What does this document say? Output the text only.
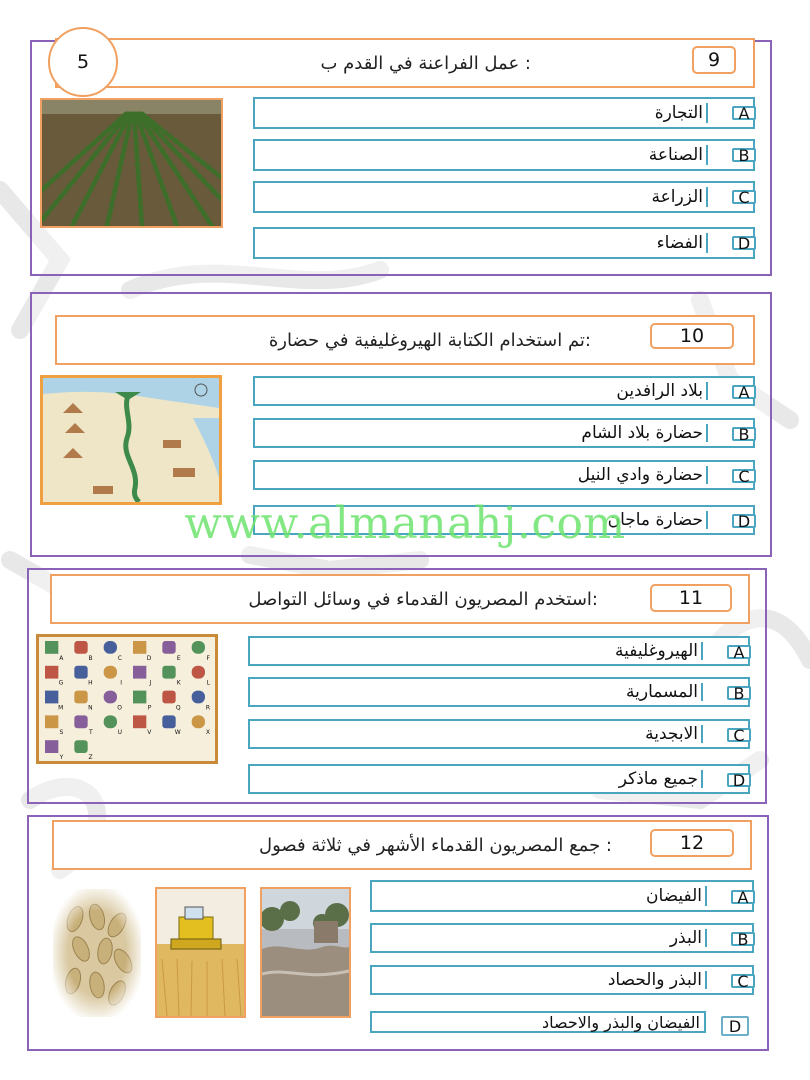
: عمل الفراعنة في القدم ب	9
5
التجارة	A
الصناعة	B
الزراعة	C
الفضاء	D
:تم استخدام الكتابة الهيروغليفية في حضارة	10
بلاد الرافدين	A
حضارة بلاد الشام	B
حضارة وادي النيل	C
حضارة ماجان	D
:استخدم المصريون القدماء في وسائل التواصل	11
A	B	C	D	E	F
G	H	I	J	K	L
M	N	O	P	Q	R
S	T	U	V	W	X
Y	Z
الهيروغليفية	A
المسمارية	B
الابجدية	C
جميع ماذكر	D
: جمع المصريون القدماء الأشهر في ثلاثة فصول	12
الفيضان	A
البذر	B
البذر والحصاد	C
الفيضان والبذر والاحصاد	D
www.almanahj.com
